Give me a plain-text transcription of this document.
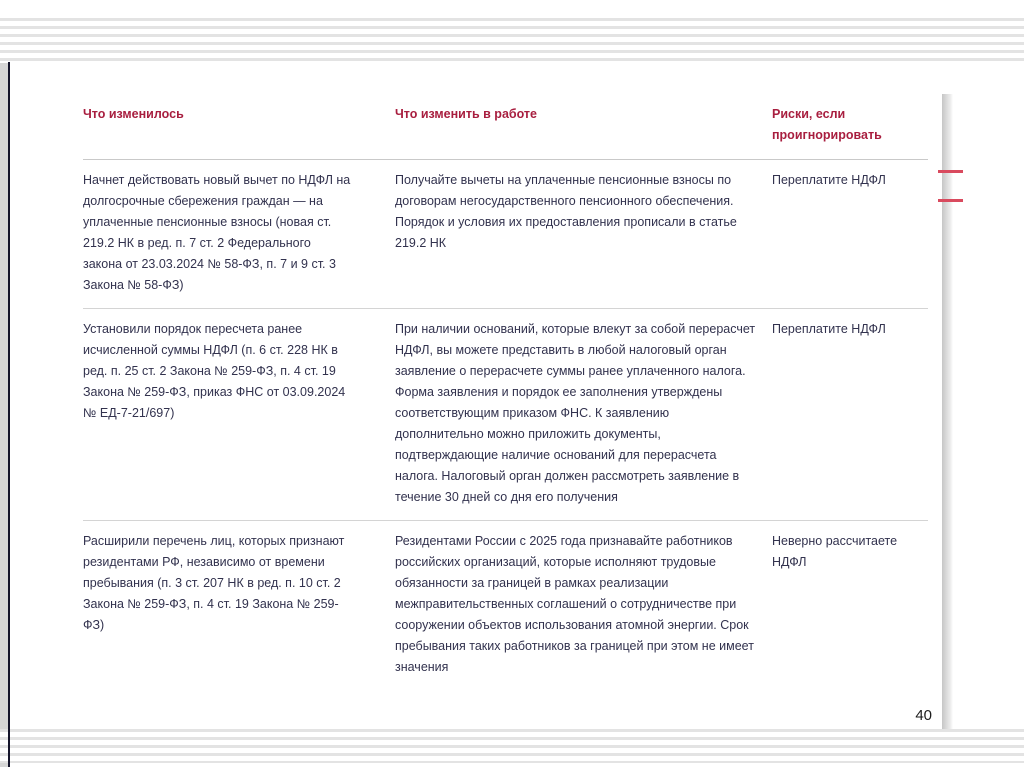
Что изменилось	Что изменить в работе	Риски, если проигнорировать
Начнет действовать новый вычет по НДФЛ на долгосрочные сбережения граждан — на уплаченные пенсионные взносы (новая ст. 219.2 НК в ред. п. 7 ст. 2 Федерального закона от 23.03.2024 № 58-ФЗ, п. 7 и 9 ст. 3 Закона № 58-ФЗ)
Получайте вычеты на уплаченные пенсионные взносы по договорам негосударственного пенсионного обеспечения. Порядок и условия их предоставления прописали в статье 219.2 НК
Переплатите НДФЛ
Установили порядок пересчета ранее исчисленной суммы НДФЛ (п. 6 ст. 228 НК в ред. п. 25 ст. 2 Закона № 259-ФЗ, п. 4 ст. 19 Закона № 259-ФЗ, приказ ФНС от 03.09.2024 № ЕД-7-21/697)
При наличии оснований, которые влекут за собой перерасчет НДФЛ, вы можете представить в любой налоговый орган заявление о перерасчете суммы ранее уплаченного налога. Форма заявления и порядок ее заполнения утверждены соответствующим приказом ФНС. К заявлению дополнительно можно приложить документы, подтверждающие наличие оснований для перерасчета налога. Налоговый орган должен рассмотреть заявление в течение 30 дней со дня его получения
Переплатите НДФЛ
Расширили перечень лиц, которых признают резидентами РФ, независимо от времени пребывания (п. 3 ст. 207 НК в ред. п. 10 ст. 2 Закона № 259-ФЗ, п. 4 ст. 19 Закона № 259-ФЗ)
Резидентами России с 2025 года признавайте работников российских организаций, которые исполняют трудовые обязанности за границей в рамках реализации межправительственных соглашений о сотрудничестве при сооружении объектов использования атомной энергии. Срок пребывания таких работников за границей при этом не имеет значения
Неверно рассчитаете НДФЛ
40
